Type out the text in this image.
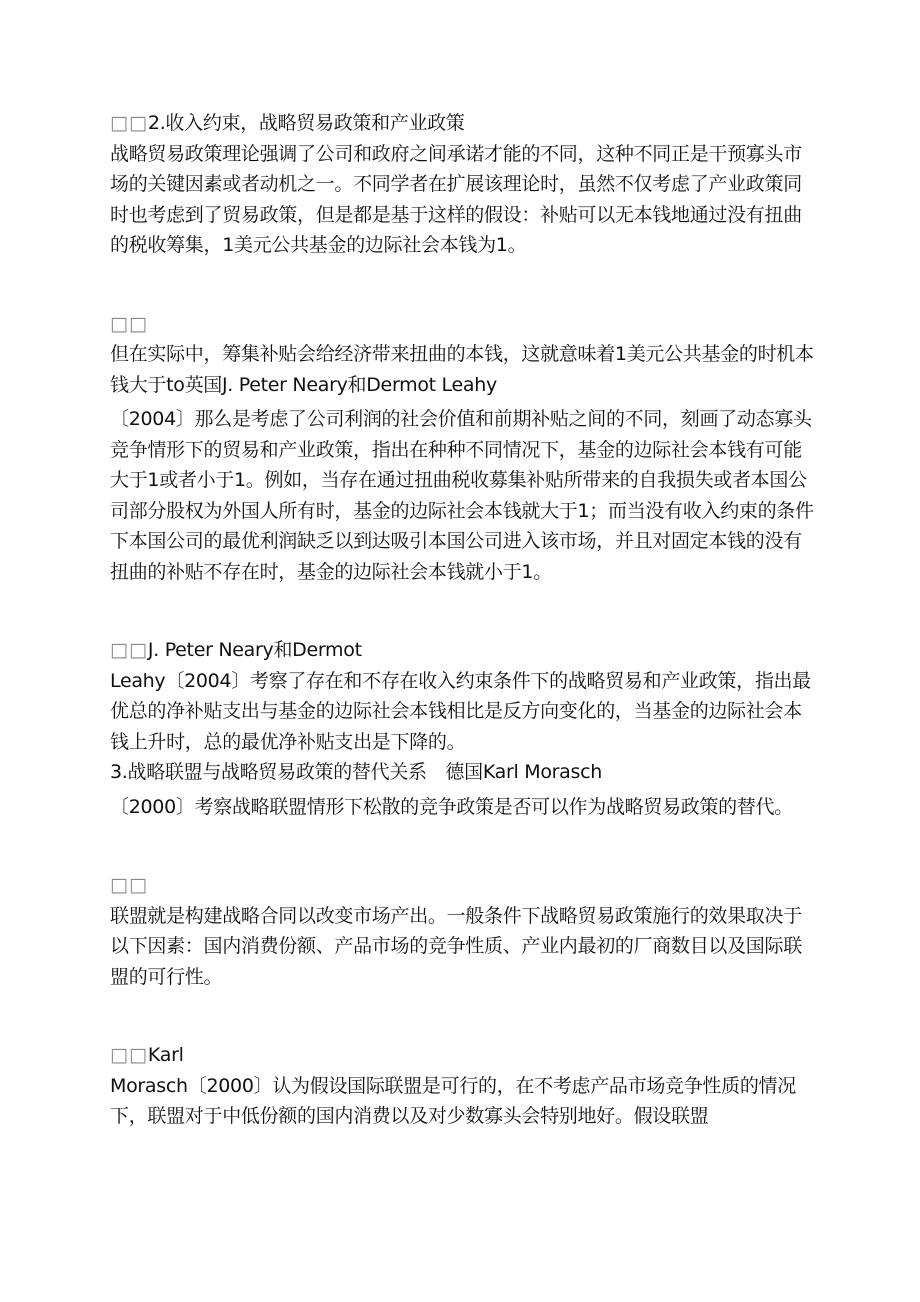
□□2.收入约束，战略贸易政策和产业政策

战略贸易政策理论强调了公司和政府之间承诺才能的不同，这种不同正是干预寡头市场的关键因素或者动机之一。不同学者在扩展该理论时，虽然不仅考虑了产业政策同时也考虑到了贸易政策，但是都是基于这样的假设：补贴可以无本钱地通过没有扭曲的税收筹集，1美元公共基金的边际社会本钱为1。

□□

但在实际中，筹集补贴会给经济带来扭曲的本钱，这就意味着1美元公共基金的时机本钱大于to英国J. Peter Neary和Dermot Leahy

〔2004〕那么是考虑了公司利润的社会价值和前期补贴之间的不同，刻画了动态寡头竞争情形下的贸易和产业政策，指出在种种不同情况下，基金的边际社会本钱有可能大于1或者小于1。例如，当存在通过扭曲税收募集补贴所带来的自我损失或者本国公司部分股权为外国人所有时，基金的边际社会本钱就大于1；而当没有收入约束的条件下本国公司的最优利润缺乏以到达吸引本国公司进入该市场，并且对固定本钱的没有扭曲的补贴不存在时，基金的边际社会本钱就小于1。

□□J. Peter Neary和Dermot

Leahy〔2004〕考察了存在和不存在收入约束条件下的战略贸易和产业政策，指出最优总的净补贴支出与基金的边际社会本钱相比是反方向变化的，当基金的边际社会本钱上升时，总的最优净补贴支出是下降的。

3.战略联盟与战略贸易政策的替代关系　德国Karl Morasch

〔2000〕考察战略联盟情形下松散的竞争政策是否可以作为战略贸易政策的替代。

□□

联盟就是构建战略合同以改变市场产出。一般条件下战略贸易政策施行的效果取决于以下因素：国内消费份额、产品市场的竞争性质、产业内最初的厂商数目以及国际联盟的可行性。

□□Karl

Morasch〔2000〕认为假设国际联盟是可行的，在不考虑产品市场竞争性质的情况下，联盟对于中低份额的国内消费以及对少数寡头会特别地好。假设联盟
